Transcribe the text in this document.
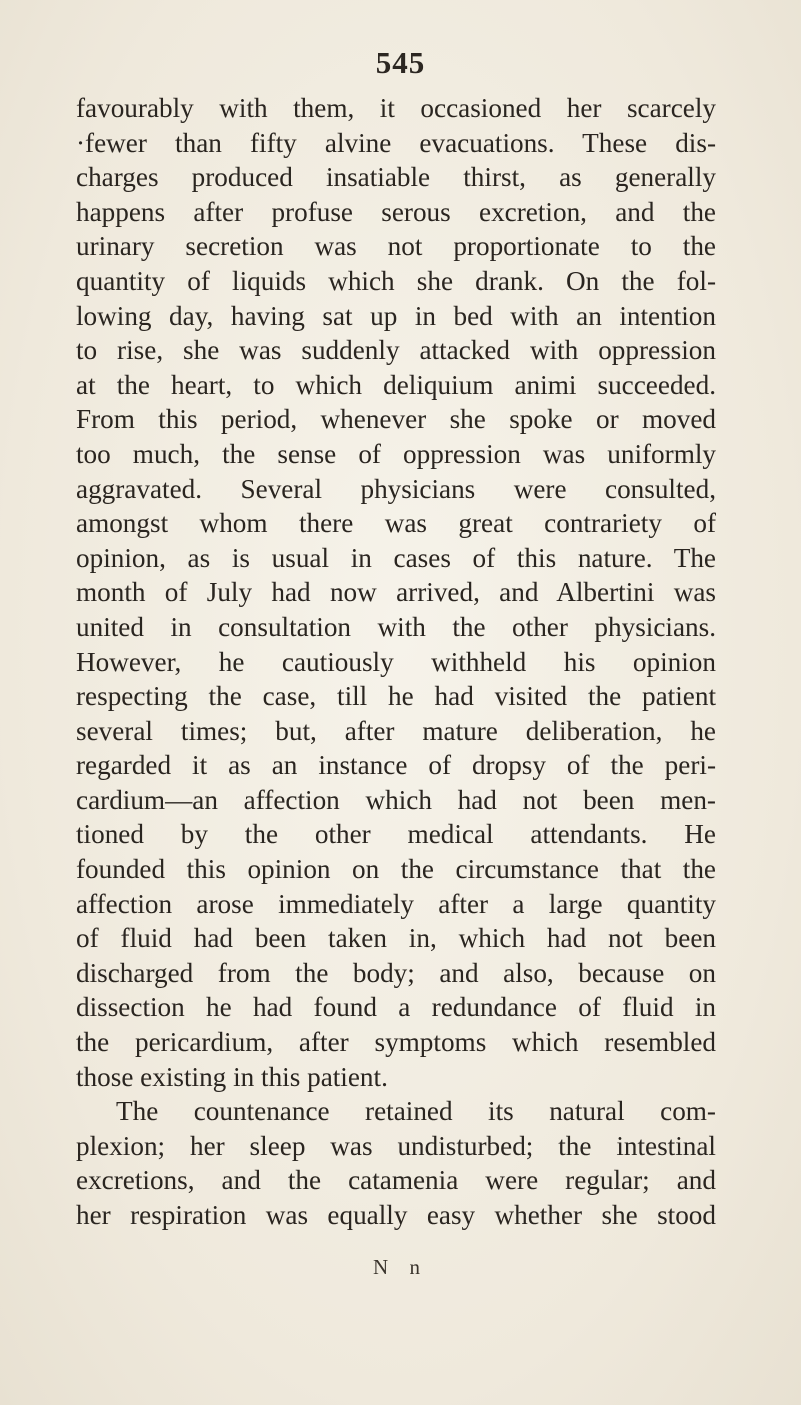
545
favourably with them, it occasioned her scarcely
·fewer than fifty alvine evacuations. These dis-
charges produced insatiable thirst, as generally
happens after profuse serous excretion, and the
urinary secretion was not proportionate to the
quantity of liquids which she drank. On the fol-
lowing day, having sat up in bed with an intention
to rise, she was suddenly attacked with oppression
at the heart, to which deliquium animi succeeded.
From this period, whenever she spoke or moved
too much, the sense of oppression was uniformly
aggravated. Several physicians were consulted,
amongst whom there was great contrariety of
opinion, as is usual in cases of this nature. The
month of July had now arrived, and Albertini was
united in consultation with the other physicians.
However, he cautiously withheld his opinion
respecting the case, till he had visited the patient
several times; but, after mature deliberation, he
regarded it as an instance of dropsy of the peri-
cardium—an affection which had not been men-
tioned by the other medical attendants. He
founded this opinion on the circumstance that the
affection arose immediately after a large quantity
of fluid had been taken in, which had not been
discharged from the body; and also, because on
dissection he had found a redundance of fluid in
the pericardium, after symptoms which resembled
those existing in this patient.
The countenance retained its natural com-
plexion; her sleep was undisturbed; the intestinal
excretions, and the catamenia were regular; and
her respiration was equally easy whether she stood
N n
